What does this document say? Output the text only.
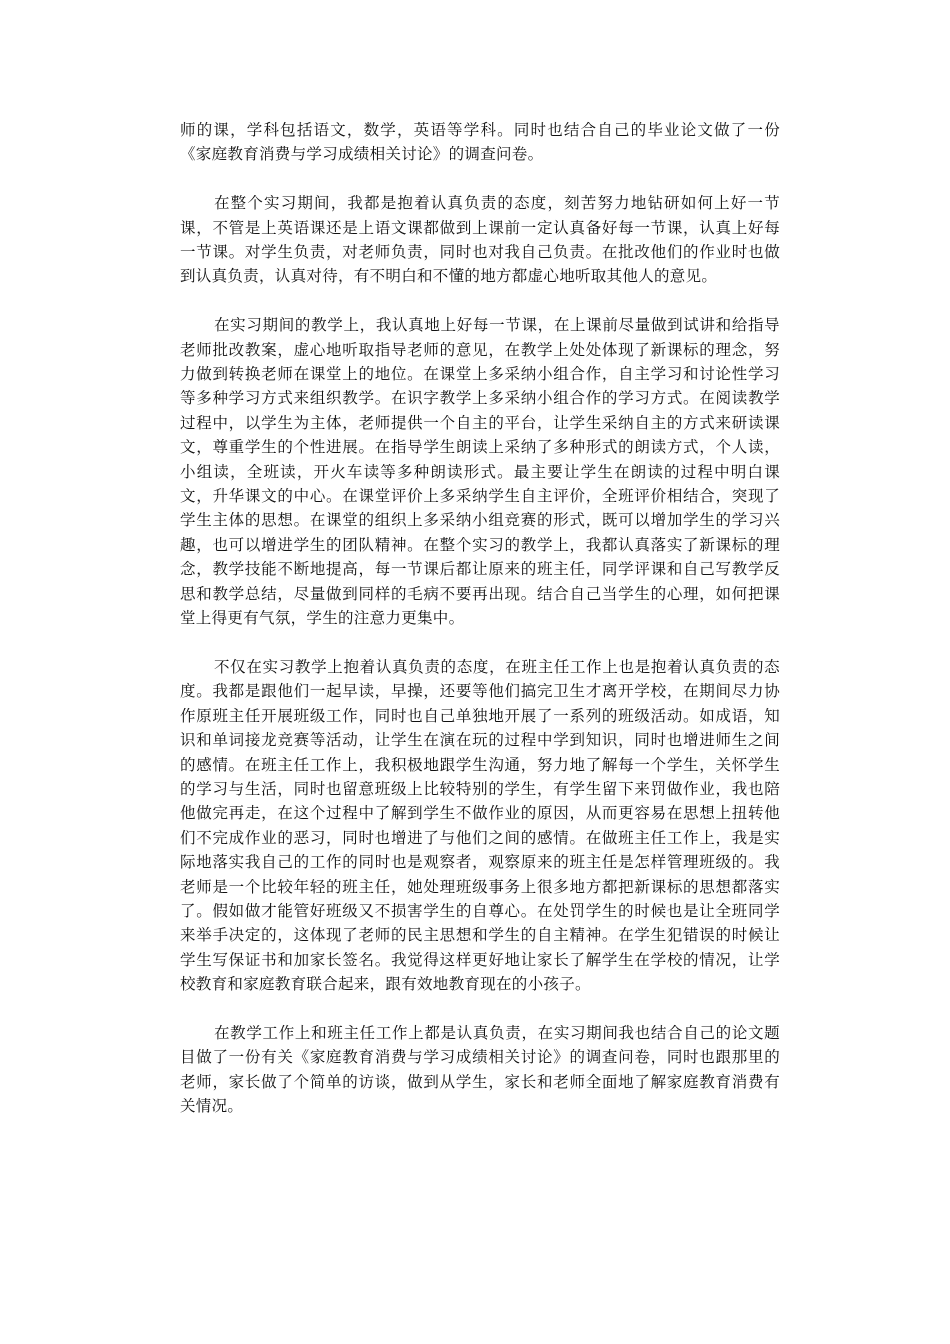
师的课，学科包括语文，数学，英语等学科。同时也结合自己的毕业论文做了一份《家庭教育消费与学习成绩相关讨论》的调查问卷。

在整个实习期间，我都是抱着认真负责的态度，刻苦努力地钻研如何上好一节课，不管是上英语课还是上语文课都做到上课前一定认真备好每一节课，认真上好每一节课。对学生负责，对老师负责，同时也对我自己负责。在批改他们的作业时也做到认真负责，认真对待，有不明白和不懂的地方都虚心地听取其他人的意见。

在实习期间的教学上，我认真地上好每一节课，在上课前尽量做到试讲和给指导老师批改教案，虚心地听取指导老师的意见，在教学上处处体现了新课标的理念，努力做到转换老师在课堂上的地位。在课堂上多采纳小组合作，自主学习和讨论性学习等多种学习方式来组织教学。在识字教学上多采纳小组合作的学习方式。在阅读教学过程中，以学生为主体，老师提供一个自主的平台，让学生采纳自主的方式来研读课文，尊重学生的个性进展。在指导学生朗读上采纳了多种形式的朗读方式，个人读，小组读，全班读，开火车读等多种朗读形式。最主要让学生在朗读的过程中明白课文，升华课文的中心。在课堂评价上多采纳学生自主评价，全班评价相结合，突现了学生主体的思想。在课堂的组织上多采纳小组竞赛的形式，既可以增加学生的学习兴趣，也可以增进学生的团队精神。在整个实习的教学上，我都认真落实了新课标的理念，教学技能不断地提高，每一节课后都让原来的班主任，同学评课和自己写教学反思和教学总结，尽量做到同样的毛病不要再出现。结合自己当学生的心理，如何把课堂上得更有气氛，学生的注意力更集中。

不仅在实习教学上抱着认真负责的态度，在班主任工作上也是抱着认真负责的态度。我都是跟他们一起早读，早操，还要等他们搞完卫生才离开学校，在期间尽力协作原班主任开展班级工作，同时也自己单独地开展了一系列的班级活动。如成语，知识和单词接龙竞赛等活动，让学生在演在玩的过程中学到知识，同时也增进师生之间的感情。在班主任工作上，我积极地跟学生沟通，努力地了解每一个学生，关怀学生的学习与生活，同时也留意班级上比较特别的学生，有学生留下来罚做作业，我也陪他做完再走，在这个过程中了解到学生不做作业的原因，从而更容易在思想上扭转他们不完成作业的恶习，同时也增进了与他们之间的感情。在做班主任工作上，我是实际地落实我自己的工作的同时也是观察者，观察原来的班主任是怎样管理班级的。我老师是一个比较年轻的班主任，她处理班级事务上很多地方都把新课标的思想都落实了。假如做才能管好班级又不损害学生的自尊心。在处罚学生的时候也是让全班同学来举手决定的，这体现了老师的民主思想和学生的自主精神。在学生犯错误的时候让学生写保证书和加家长签名。我觉得这样更好地让家长了解学生在学校的情况，让学校教育和家庭教育联合起来，跟有效地教育现在的小孩子。

在教学工作上和班主任工作上都是认真负责，在实习期间我也结合自己的论文题目做了一份有关《家庭教育消费与学习成绩相关讨论》的调查问卷，同时也跟那里的老师，家长做了个简单的访谈，做到从学生，家长和老师全面地了解家庭教育消费有关情况。
